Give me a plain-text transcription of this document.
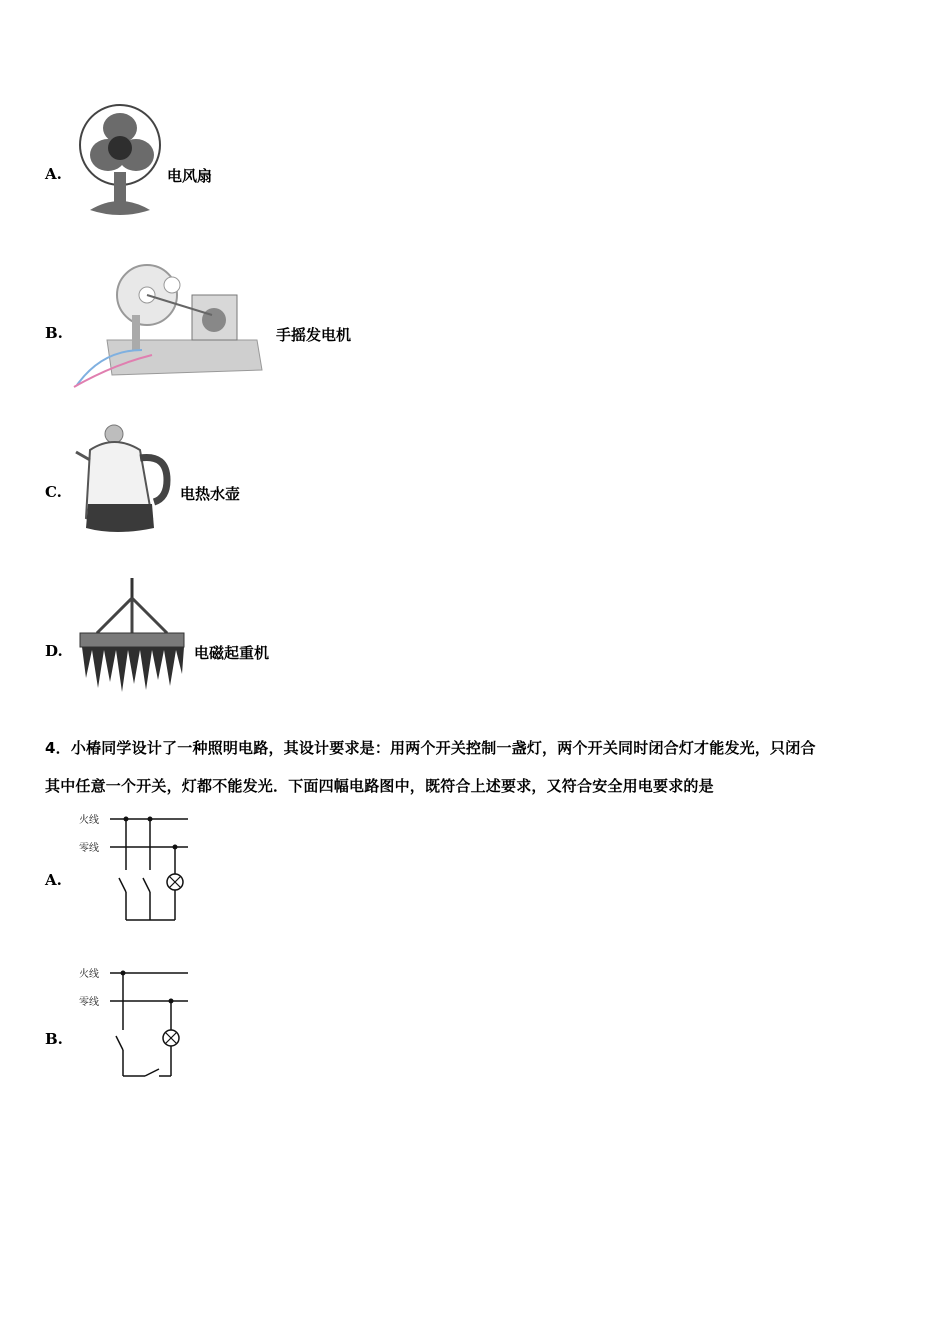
A.	电风扇
B.	手摇发电机
C.	电热水壶
D.	电磁起重机
4．小椿同学设计了一种照明电路，其设计要求是：用两个开关控制一盏灯，两个开关同时闭合灯才能发光，只闭合
其中任意一个开关，灯都不能发光．下面四幅电路图中，既符合上述要求，又符合安全用电要求的是
A.
火线
零线
B.
火线
零线
